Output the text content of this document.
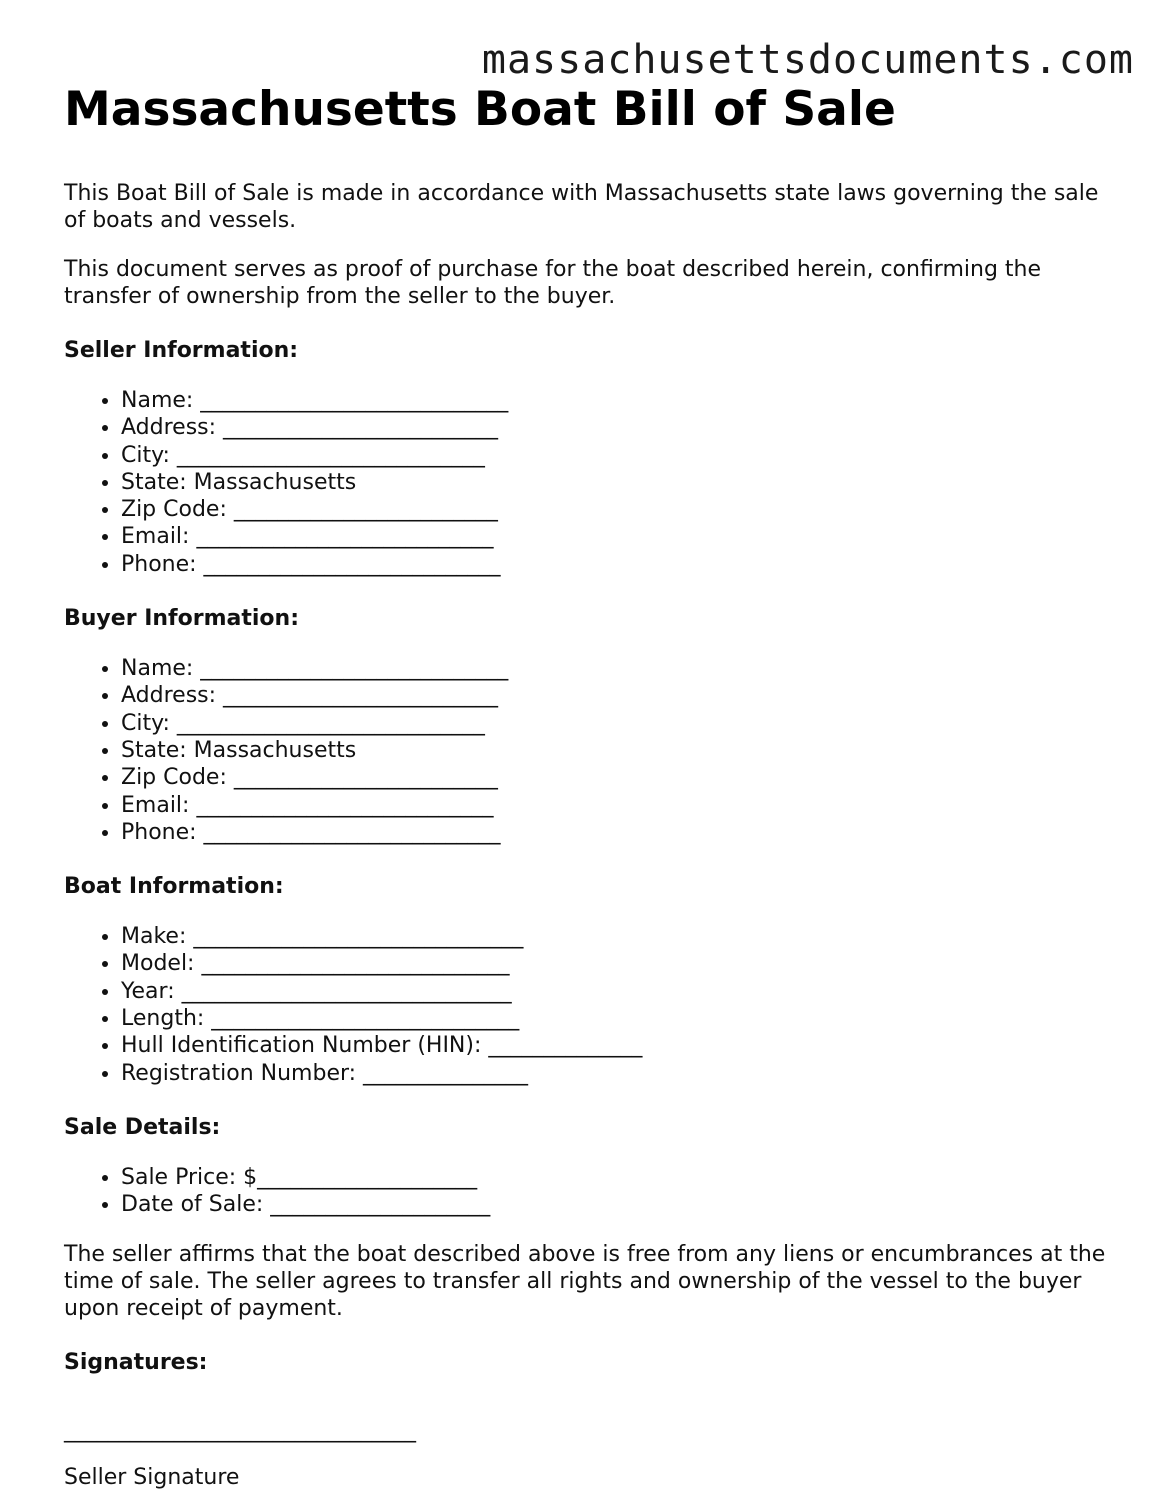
massachusettsdocuments.com
Massachusetts Boat Bill of Sale

This Boat Bill of Sale is made in accordance with Massachusetts state laws governing the sale of boats and vessels.

This document serves as proof of purchase for the boat described herein, confirming the transfer of ownership from the seller to the buyer.

Seller Information:
• Name: ____________________________
• Address: _________________________
• City: ____________________________
• State: Massachusetts
• Zip Code: ________________________
• Email: ___________________________
• Phone: ___________________________
Buyer Information:
• Name: ____________________________
• Address: _________________________
• City: ____________________________
• State: Massachusetts
• Zip Code: ________________________
• Email: ___________________________
• Phone: ___________________________
Boat Information:
• Make: ______________________________
• Model: ____________________________
• Year: ______________________________
• Length: ____________________________
• Hull Identification Number (HIN): ______________
• Registration Number: _______________
Sale Details:
• Sale Price: $____________________
• Date of Sale: ____________________

The seller affirms that the boat described above is free from any liens or encumbrances at the time of sale. The seller agrees to transfer all rights and ownership of the vessel to the buyer upon receipt of payment.

Signatures:
________________________________
Seller Signature
